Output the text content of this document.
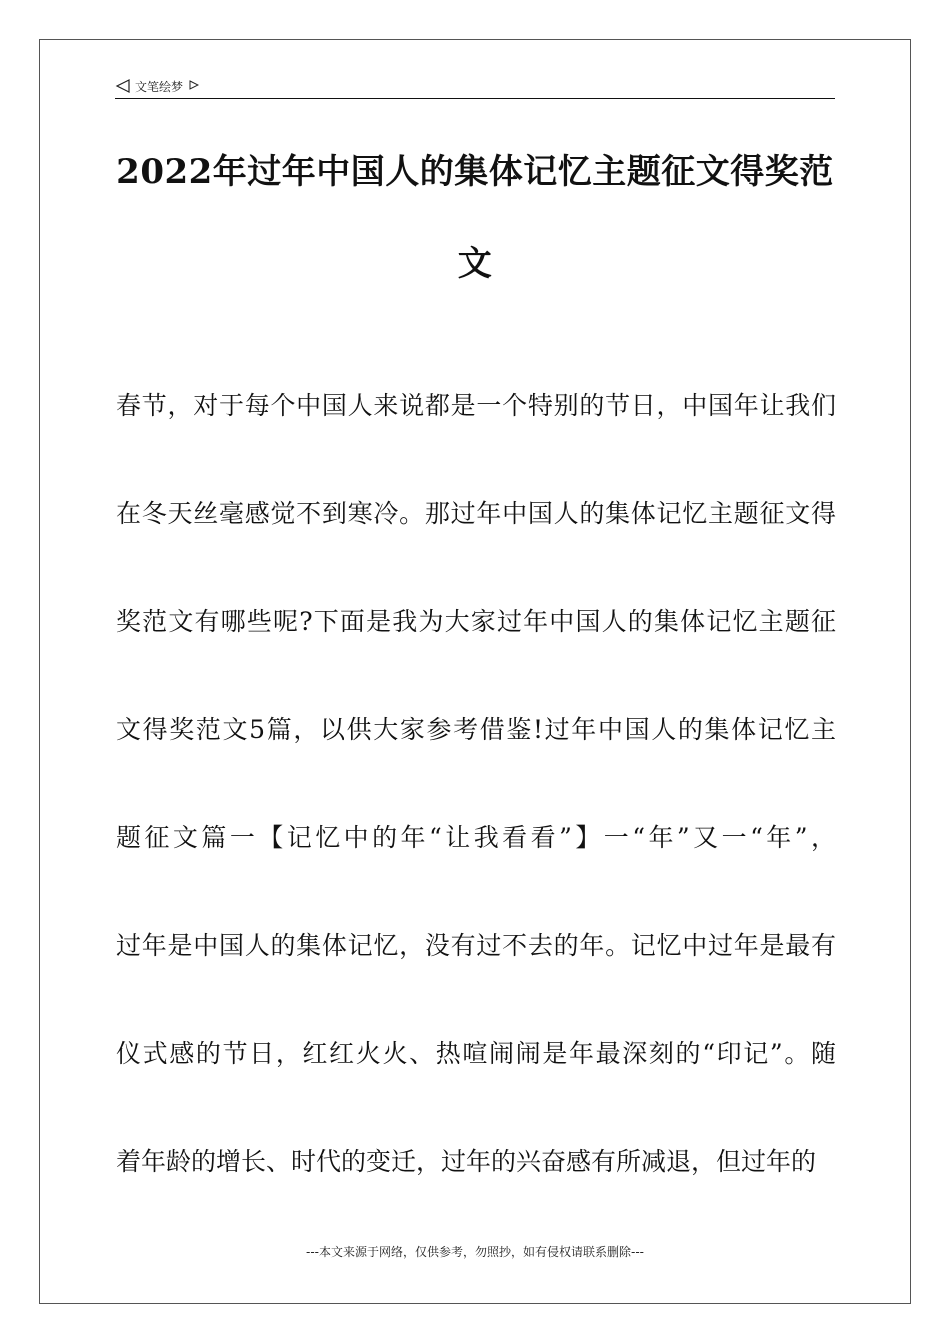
文笔绘梦
2022年过年中国人的集体记忆主题征文得奖范
文
春节，对于每个中国人来说都是一个特别的节日，中国年让我们
在冬天丝毫感觉不到寒冷。那过年中国人的集体记忆主题征文得
奖范文有哪些呢?下面是我为大家过年中国人的集体记忆主题征
文得奖范文5篇，以供大家参考借鉴!过年中国人的集体记忆主
题征文篇一【记忆中的年“让我看看”】一“年”又一“年”，
过年是中国人的集体记忆，没有过不去的年。记忆中过年是最有
仪式感的节日，红红火火、热喧闹闹是年最深刻的“印记”。随
着年龄的增长、时代的变迁，过年的兴奋感有所减退，但过年的
---本文来源于网络，仅供参考，勿照抄，如有侵权请联系删除---
